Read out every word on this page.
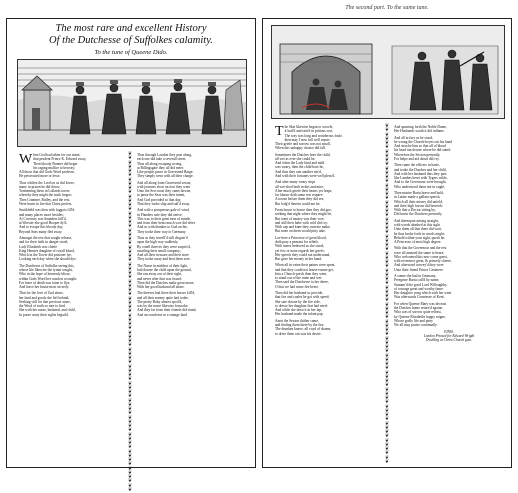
The most rare and excellent History
Of the Dutchesse of Suffolkes calamity.
To the tune of Queene Dido.
When God had taken for our sinne,
that prudent Prince K. Edward away,
Then bloody Bonner did begin
his raging mallice to bewray;
All those that did Gods Word professe,
He persecuted more or lesse.
Thus whilest the Lord on us did lower,
many in prison he did throw,
Tormenting them in Lollards tower,
whereby they might the truth forgoe;
Then Cranmer, Ridley, and the rest,
Were burnt in fire that Christ profest.
Smithfield was then with faggots fill'd,
and many places more besides;
At Coventry was Saunders kill'd,
at Worster eke good Hooper dy'd,
And to escape this bloody day,
Beyond Seas many fled away.
Amongst the rest that sought release,
and for their faith in danger stood,
Lady Elizabeth was chiefe
King Henries daughter of royall blood,
Which in the Tower did prisoner lye,
Looking each day when she should dye.
The Dutchesse of Suffolke seeing this,
whose life likewise the tyrant sought,
Who in the hope of heavenly blisse,
within Gods Word her comfort wrought:
For feare of death was faine to flye,
And leave her house most secretly.
That for the love of God alone,
her land and goods she left behind,
Seeking still for that precious stone,
the Word of truth so rare to find,
She with her nurse, husband, and child,
In poore array their sights beguild.
❦
❦
❦
❦
❦
❦
❦
❦
❦
❦
❦
❦
❦
❦
❦
❦
❦
❦
❦
❦
❦
❦
❦
❦
❦
❦
❦
❦
❦
❦
❦
❦
❦
❦
❦
❦
❦
❦
❦
❦
❦
❦
❦
❦
❦
❦
❦
❦
❦
❦
❦
❦
❦
❦
❦
❦
❦
❦
❦
❦
❦
❦
❦
❦
❦
❦
❦
❦
❦
❦
❦
❦
❦
❦
❦
❦
❦
❦
❦
❦

Thus through London they past along,
each one did take a severall street,
Thus all along escaping wrong,
at Billingsgate they all did meet:
Like people poore in Gravesend Barge,
They simply went with all their charge.
And all along from Gravesend towne,
with journies short on foot they went
Unto the Sea-coast they came downe,
to passe the Seas was their intent,
And God provided so that day,
That they tooke ship and sail'd away.
And with a prosperous gale of wind,
in Flanders safe they did arrive,
This was to their great ease of minde,
and from their heart much woe did drive
And so with thankes to God on hie,
They tooke their way to Germany.
Thus as they travell'd still disguis'd
upon the high way suddenly,
By cruell theeves they were surpris'd,
assailing their small company;
And all their treasure and their store
They tooke away and beat them sore.
The Nurse in middest of their fight,
laid downe the child upon the ground,
She ran away out of their sight,
and never after that was found;
Then did the Dutches make great mone,
With her good husband all alone.
The theeves had there their horses kill'd,
and all their money quite had tooke,
The pretty Baby almost spoil'd,
was by the nurse likewise forsooke:
And they far from their friends did stand,
And succourlesse in a strange land.
The second part. To the same tune.
The Skie likewise began to scowle,
it hail'd and rain'd in pittious sort,
The way was long and wonderous foule,
then may I now full well report:
Their griefe and sorrow was not small,
When this unhappy chance did fall.
Sometimes the Dutches bore the child,
all wet as ever she could be,
And when the Lady kind and mild
was weary, then the child bore he,
And thus they one another eas'd,
And with their fortunes were well pleas'd.
And after many weary steps
all wet-shod both in dirt and mire,
After much griefe their hearts yet leaps,
for labour doth some rest require:
A towne before them they did see,
But lodg'd therein could not be.
From house to house then they did goe,
seeking that night where they might lie,
But want of money was their woe,
and still their babe with cold did cry:
With cap and knee they curtesie make,
But none on them would pitty take.
Loe here a Princesse of great blood,
doth pray a peasant for reliefe,
With teares bedewed as she stood,
yet few or none regards her griefe;
Her speech they could not understand,
But gave her money in her hand.
When all in vaine their paines were spent,
and that they could not house-roome get,
Into a Church-porch then they went,
to stand out of the raine and wet:
Then said the Dutchesse to her deere,
O that we had some fire heere.
Then did her husband so provide,
that fire and coales he got with speed;
She sate downe by the fire side,
to dresse her daughter that had need:
And while she drest it in her lap,
Her husband made the infant pap.
Anon the Sexton thither came,
and finding them there by the fire,
The drunken knave, all voyd of shame,
to drive them out was his desire.
❦
❦
❦
❦
❦
❦
❦
❦
❦
❦
❦
❦
❦
❦
❦
❦
❦
❦
❦
❦
❦
❦
❦
❦
❦
❦
❦
❦
❦
❦
❦
❦
❦
❦
❦
❦
❦
❦
❦
❦
❦
❦
❦
❦
❦
❦
❦
❦
❦
❦
❦
❦
❦
❦
❦
❦
❦
❦
❦
❦
❦
❦
❦
❦
❦
❦
❦
❦
❦
❦
❦
❦
❦
❦
❦
❦
❦
❦
❦
❦

And spurning forth the Noble Dame,
Her Husbands wrath it did inflame.
And all in fury as he stood,
he wrung the Church-keyes out his hand
And strucke him so that all of bloud
his head ran downe where he did stand:
Wherefore the Sexton presently,
For helpe and aid aloud did cry.
Then came the officers in haste,
and tooke the Dutches and her child,
And with her husband thus they past
like Lambes beset with Tygers wilde,
And to the Governour were brought,
Who understood them not in ought.
Then master Bartu brave and bold,
in Latine made a gallant speech,
Which all their misery did unfold,
and their high favour did beseech:
With that a Doctor sitting by,
Did know the Dutchess presently.
And thereupon arising straight,
with words abashed at this sight
Unto them all that there did wait,
he thus broke forth in words aright:
Behold within your sight, quoth he,
A Princesse of most high degree.
With that the Governour and the rest
were all amazed the same to heare,
Who welcomed this new come guest,
with reverence great, & princely cheere,
And afterward convey'd they were
Unto their friend Prince Casimere.
A sonne she had in Germany,
Peregrine Bartu call'd by name,
Surnam'd the good Lord Willoughby,
of courage great and worthy fame:
Her daughter yong which with her went
Was afterwards Countesse of Kent.
For when Queene Mary was deceast
the Dutches home return'd againe,
Who was of sorrow quite releast,
by Queene Elizabeths happy raigne,
Whose godly life and piety
We all may praise continually.
FINIS.
London Printed for Edward Wright
Dwelling at Christ Church gate.
